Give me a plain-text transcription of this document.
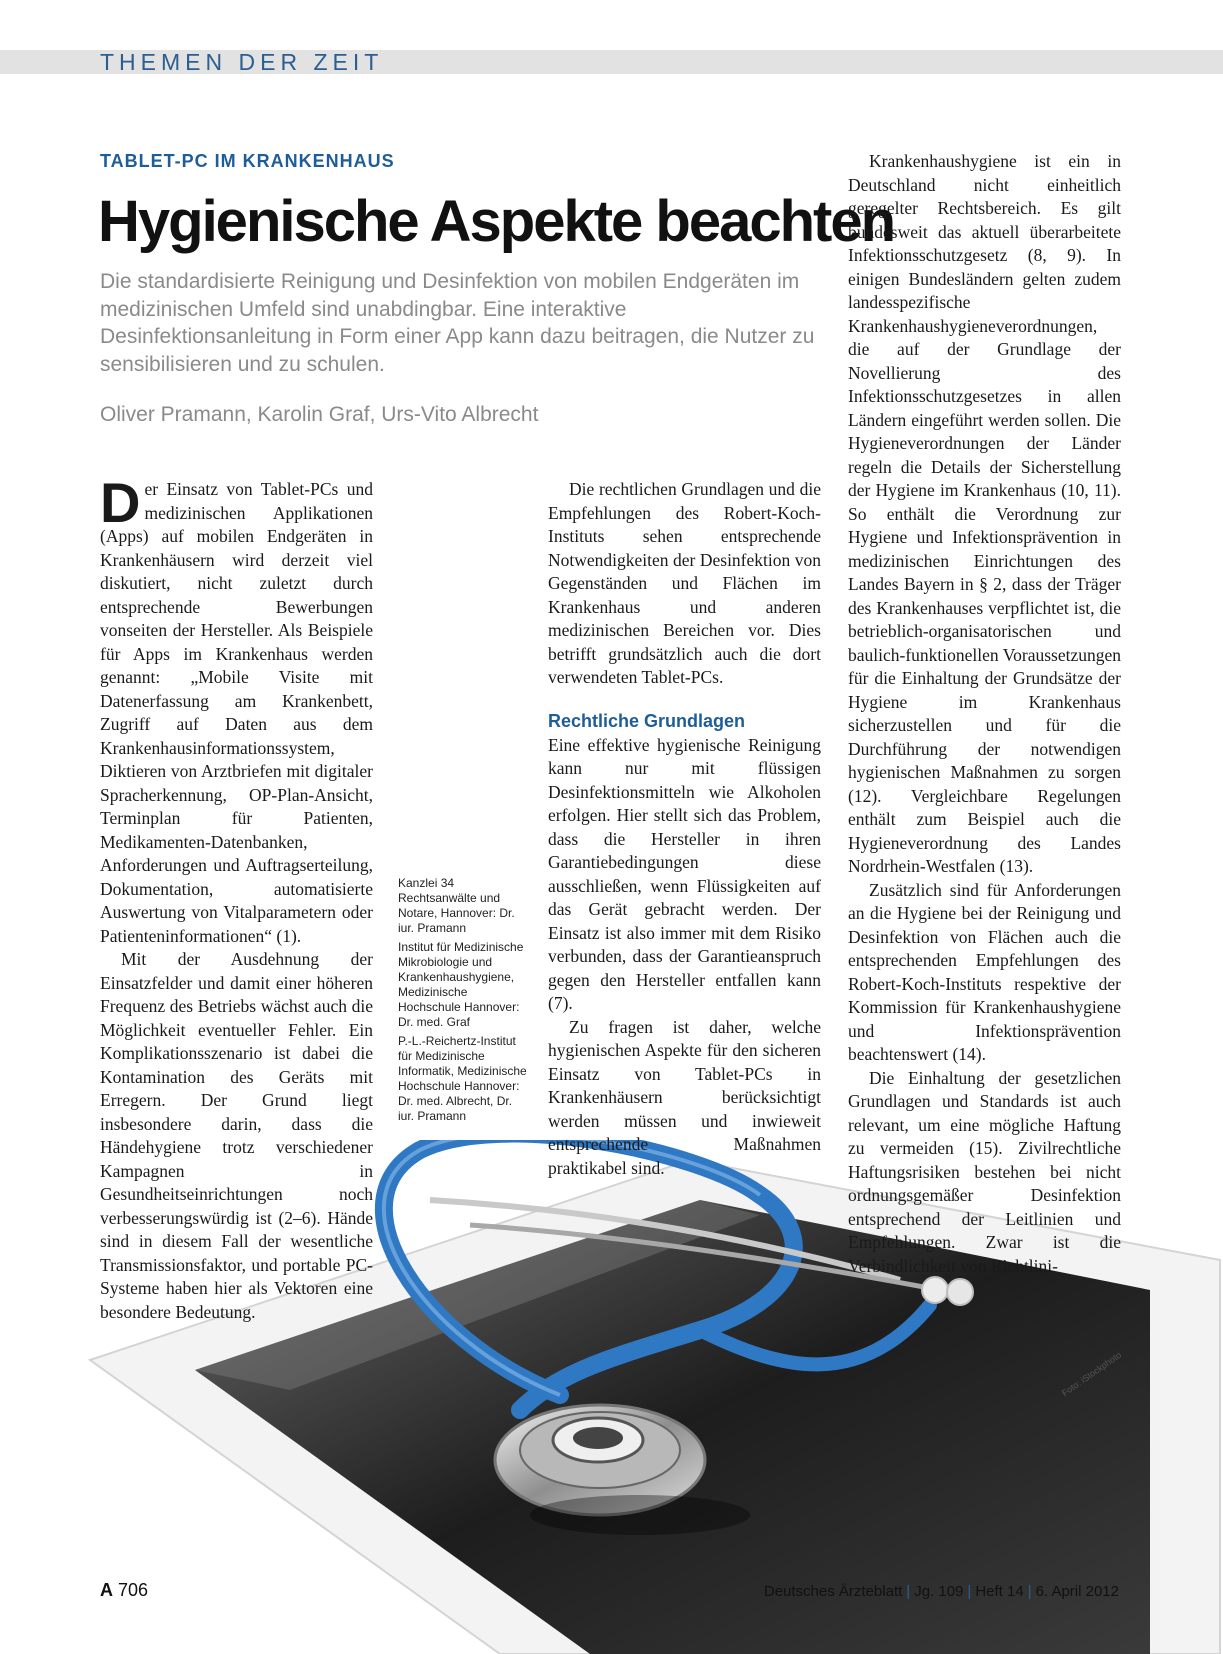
THEMEN DER ZEIT
TABLET-PC IM KRANKENHAUS
Hygienische Aspekte beachten
Die standardisierte Reinigung und Desinfektion von mobilen Endgeräten im medizinischen Umfeld sind unabdingbar. Eine interaktive Desinfektionsanleitung in Form einer App kann dazu beitragen, die Nutzer zu sensibilisieren und zu schulen.
Oliver Pramann, Karolin Graf, Urs-Vito Albrecht
Foto: iStockphoto

Der Einsatz von Tablet-PCs und medizinischen Applikationen (Apps) auf mobilen Endgeräten in Krankenhäusern wird derzeit viel diskutiert, nicht zuletzt durch entsprechende Bewerbungen vonseiten der Hersteller. Als Beispiele für Apps im Krankenhaus werden genannt: „Mobile Visite mit Datenerfassung am Krankenbett, Zugriff auf Daten aus dem Krankenhausinformationssystem, Diktieren von Arztbriefen mit digitaler Spracherkennung, OP-Plan-Ansicht, Terminplan für Patienten, Medikamenten-Datenbanken, Anforderungen und Auftragserteilung, Dokumentation, automatisierte Auswertung von Vitalparametern oder Patienteninformationen“ (1).

Mit der Ausdehnung der Einsatzfelder und damit einer höheren Frequenz des Betriebs wächst auch die Möglichkeit eventueller Fehler. Ein Komplikationsszenario ist dabei die Kontamination des Geräts mit Erregern. Der Grund liegt insbesondere darin, dass die Händehygiene trotz verschiedener Kampagnen in Gesundheitseinrichtungen noch verbesserungswürdig ist (2–6). Hände sind in diesem Fall der wesentliche Transmissionsfaktor, und portable PC-Systeme haben hier als Vektoren eine besondere Bedeutung.

Kanzlei 34 Rechtsanwälte und Notare, Hannover: Dr. iur. Pramann

Institut für Medizinische Mikrobiologie und Krankenhaushygiene, Medizinische Hochschule Hannover: Dr. med. Graf

P.-L.-Reichertz-Institut für Medizinische Informatik, Medizinische Hochschule Hannover: Dr. med. Albrecht, Dr. iur. Pramann

Die rechtlichen Grundlagen und die Empfehlungen des Robert-Koch-Instituts sehen entsprechende Notwendigkeiten der Desinfektion von Gegenständen und Flächen im Krankenhaus und anderen medizinischen Bereichen vor. Dies betrifft grundsätzlich auch die dort verwendeten Tablet-PCs.

Rechtliche Grundlagen

Eine effektive hygienische Reinigung kann nur mit flüssigen Desinfektionsmitteln wie Alkoholen erfolgen. Hier stellt sich das Problem, dass die Hersteller in ihren Garantiebedingungen diese ausschließen, wenn Flüssigkeiten auf das Gerät gebracht werden. Der Einsatz ist also immer mit dem Risiko verbunden, dass der Garantieanspruch gegen den Hersteller entfallen kann (7).

Zu fragen ist daher, welche hygienischen Aspekte für den sicheren Einsatz von Tablet-PCs in Krankenhäusern berücksichtigt werden müssen und inwieweit entsprechende Maßnahmen praktikabel sind.

Krankenhaushygiene ist ein in Deutschland nicht einheitlich geregelter Rechtsbereich. Es gilt bundesweit das aktuell überarbeitete Infektionsschutzgesetz (8, 9). In einigen Bundesländern gelten zudem landesspezifische Krankenhaushygieneverordnungen, die auf der Grundlage der Novellierung des Infektionsschutzgesetzes in allen Ländern eingeführt werden sollen. Die Hygieneverordnungen der Länder regeln die Details der Sicherstellung der Hygiene im Krankenhaus (10, 11). So enthält die Verordnung zur Hygiene und Infektionsprävention in medizinischen Einrichtungen des Landes Bayern in § 2, dass der Träger des Krankenhauses verpflichtet ist, die betrieblich-organisatorischen und baulich-funktionellen Voraussetzungen für die Einhaltung der Grundsätze der Hygiene im Krankenhaus sicherzustellen und für die Durchführung der notwendigen hygienischen Maßnahmen zu sorgen (12). Vergleichbare Regelungen enthält zum Beispiel auch die Hygieneverordnung des Landes Nordrhein-Westfalen (13).

Zusätzlich sind für Anforderungen an die Hygiene bei der Reinigung und Desinfektion von Flächen auch die entsprechenden Empfehlungen des Robert-Koch-Instituts respektive der Kommission für Krankenhaushygiene und Infektionsprävention beachtenswert (14).

Die Einhaltung der gesetzlichen Grundlagen und Standards ist auch relevant, um eine mögliche Haftung zu vermeiden (15). Zivilrechtliche Haftungsrisiken bestehen bei nicht ordnungsgemäßer Desinfektion entsprechend der Leitlinien und Empfehlungen. Zwar ist die Verbindlichkeit von Richtlini-

A 706	Deutsches Ärzteblatt | Jg. 109 | Heft 14 | 6. April 2012
